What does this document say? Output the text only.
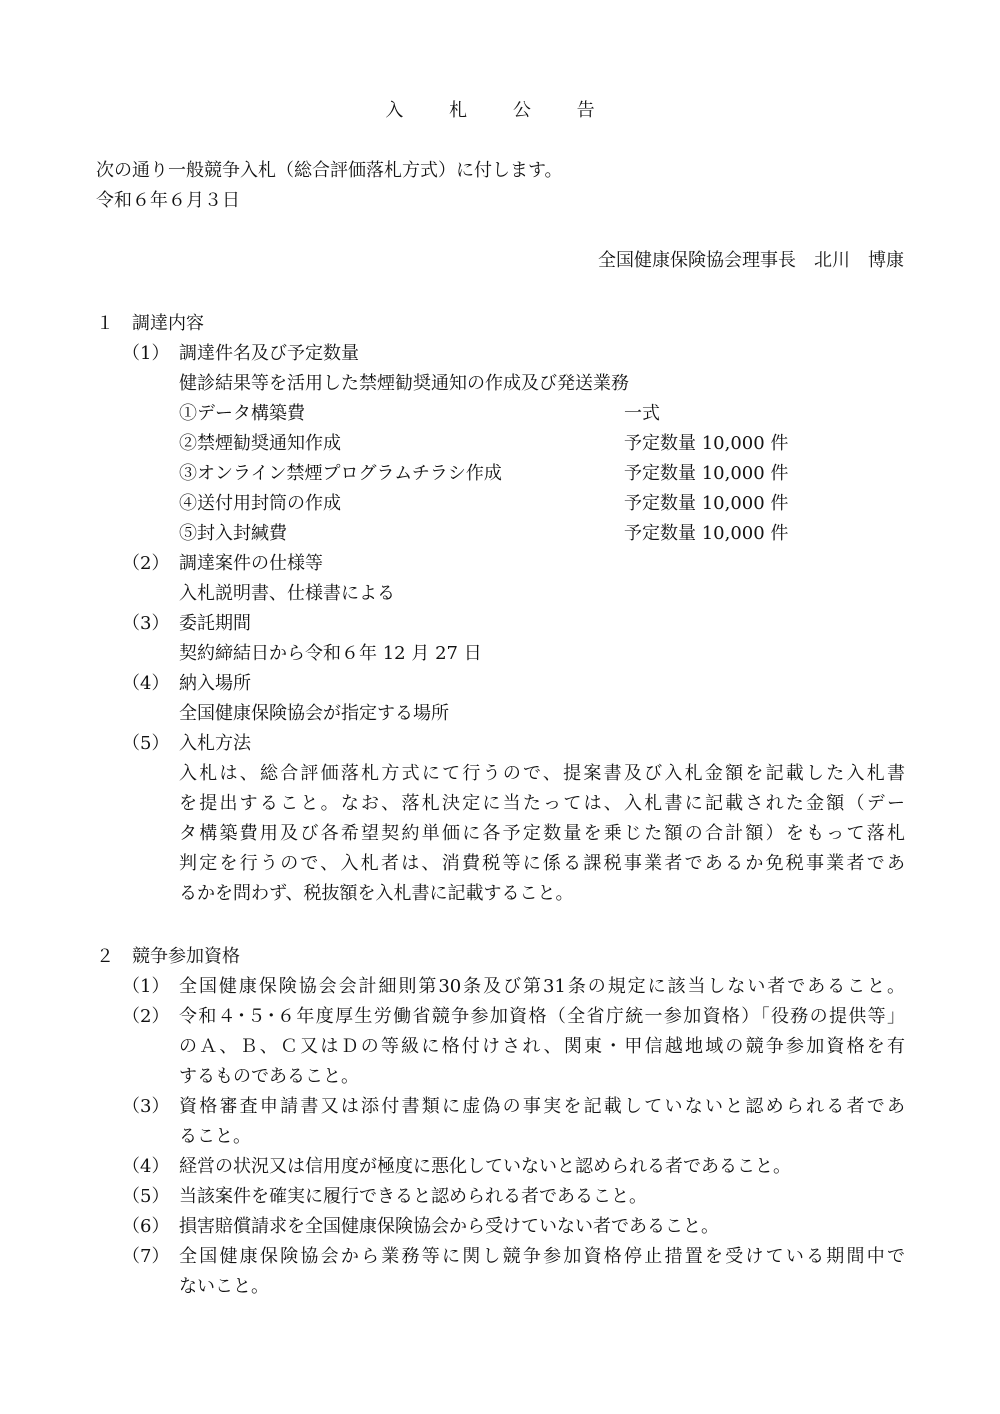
入 札 公 告
次の通り一般競争入札（総合評価落札方式）に付します。
令和６年６月３日
全国健康保険協会理事長　北川　博康
１　調達内容
（1） 調達件名及び予定数量
健診結果等を活用した禁煙勧奨通知の作成及び発送業務
①データ構築費	一式
②禁煙勧奨通知作成	予定数量 10,000 件
③オンライン禁煙プログラムチラシ作成	予定数量 10,000 件
④送付用封筒の作成	予定数量 10,000 件
⑤封入封緘費	予定数量 10,000 件
（2） 調達案件の仕様等
入札説明書、仕様書による
（3） 委託期間
契約締結日から令和６年 12 月 27 日
（4） 納入場所
全国健康保険協会が指定する場所
（5） 入札方法
入札は、総合評価落札方式にて行うので、提案書及び入札金額を記載した入札書
を提出すること。なお、落札決定に当たっては、入札書に記載された金額（デー
タ構築費用及び各希望契約単価に各予定数量を乗じた額の合計額）をもって落札
判定を行うので、入札者は、消費税等に係る課税事業者であるか免税事業者であ
るかを問わず、税抜額を入札書に記載すること。
２　競争参加資格
（1） 全国健康保険協会会計細則第30条及び第31条の規定に該当しない者であること。
（2） 令和４･５･６年度厚生労働省競争参加資格（全省庁統一参加資格）「役務の提供等」
のＡ、Ｂ、Ｃ又はＤの等級に格付けされ、関東・甲信越地域の競争参加資格を有
するものであること。
（3） 資格審査申請書又は添付書類に虚偽の事実を記載していないと認められる者であ
ること。
（4） 経営の状況又は信用度が極度に悪化していないと認められる者であること。
（5） 当該案件を確実に履行できると認められる者であること。
（6） 損害賠償請求を全国健康保険協会から受けていない者であること。
（7） 全国健康保険協会から業務等に関し競争参加資格停止措置を受けている期間中で
ないこと。
